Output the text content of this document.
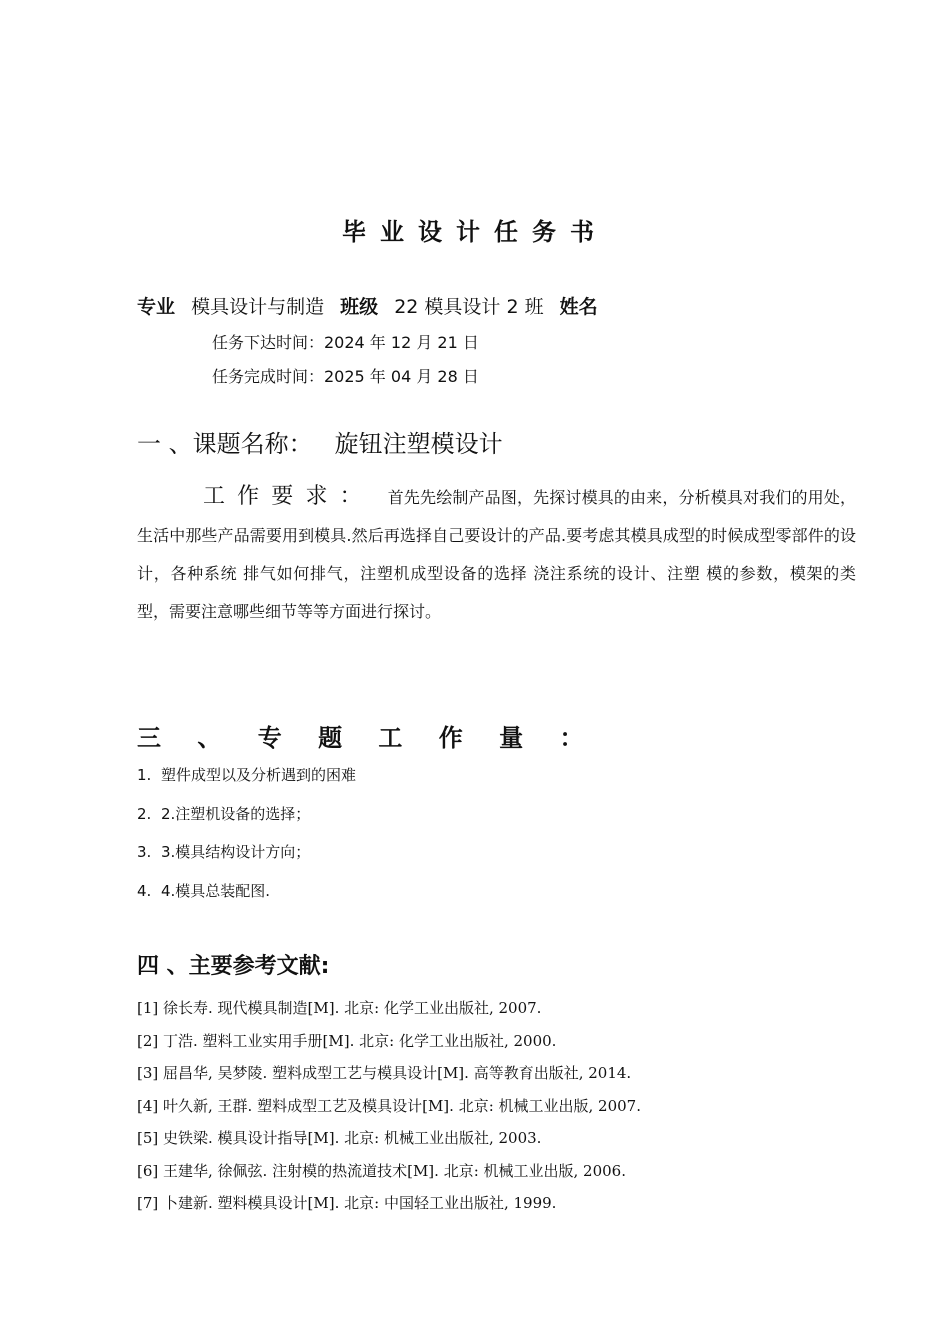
毕业设计任务书
专业 模具设计与制造 班级 22 模具设计 2 班 姓名
任务下达时间：2024 年 12 月 21 日
任务完成时间：2025 年 04 月 28 日
一 、课题名称： 旋钮注塑模设计
工作要求： 首先先绘制产品图，先探讨模具的由来，分析模具对我们的用处，生活中那些产品需要用到模具.然后再选择自己要设计的产品.要考虑其模具成型的时候成型零部件的设计，各种系统 排气如何排气，注塑机成型设备的选择 浇注系统的设计、注塑 模的参数，模架的类型，需要注意哪些细节等等方面进行探讨。
三 、 专 题 工 作 量 ：
1. 塑件成型以及分析遇到的困难
2. 2.注塑机设备的选择；
3. 3.模具结构设计方向；
4. 4.模具总装配图.
四 、主要参考文献:
[1] 徐长寿. 现代模具制造[M]. 北京: 化学工业出版社, 2007.
[2] 丁浩. 塑料工业实用手册[M]. 北京: 化学工业出版社, 2000.
[3] 屈昌华, 吴梦陵. 塑料成型工艺与模具设计[M]. 高等教育出版社, 2014.
[4] 叶久新, 王群. 塑料成型工艺及模具设计[M]. 北京: 机械工业出版, 2007.
[5] 史铁梁. 模具设计指导[M]. 北京: 机械工业出版社, 2003.
[6] 王建华, 徐佩弦. 注射模的热流道技术[M]. 北京: 机械工业出版, 2006.
[7] 卜建新. 塑料模具设计[M]. 北京: 中国轻工业出版社, 1999.
